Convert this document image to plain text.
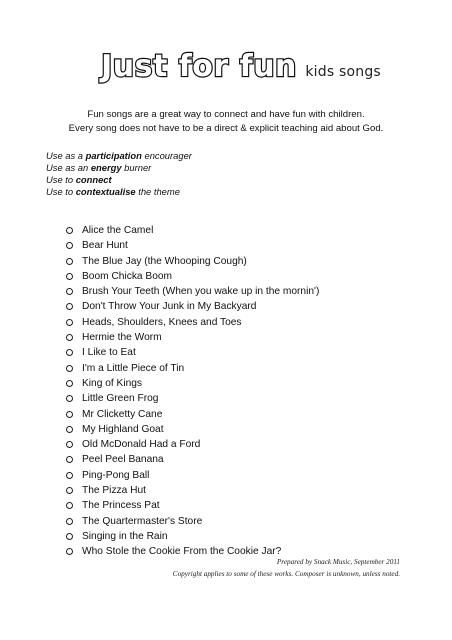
Just for fun kids songs
Fun songs are a great way to connect and have fun with children.
Every song does not have to be a direct & explicit teaching aid about God.
Use as a participation encourager
Use as an energy burner
Use to connect
Use to contextualise the theme
Alice the Camel
Bear Hunt
The Blue Jay (the Whooping Cough)
Boom Chicka Boom
Brush Your Teeth (When you wake up in the mornin')
Don't Throw Your Junk in My Backyard
Heads, Shoulders, Knees and Toes
Hermie the Worm
I Like to Eat
I'm a Little Piece of Tin
King of Kings
Little Green Frog
Mr Clicketty Cane
My Highland Goat
Old McDonald Had a Ford
Peel Peel Banana
Ping-Pong Ball
The Pizza Hut
The Princess Pat
The Quartermaster's Store
Singing in the Rain
Who Stole the Cookie From the Cookie Jar?
Prepared by Snack Music, September 2011
Copyright applies to some of these works. Composer is unknown, unless noted.
